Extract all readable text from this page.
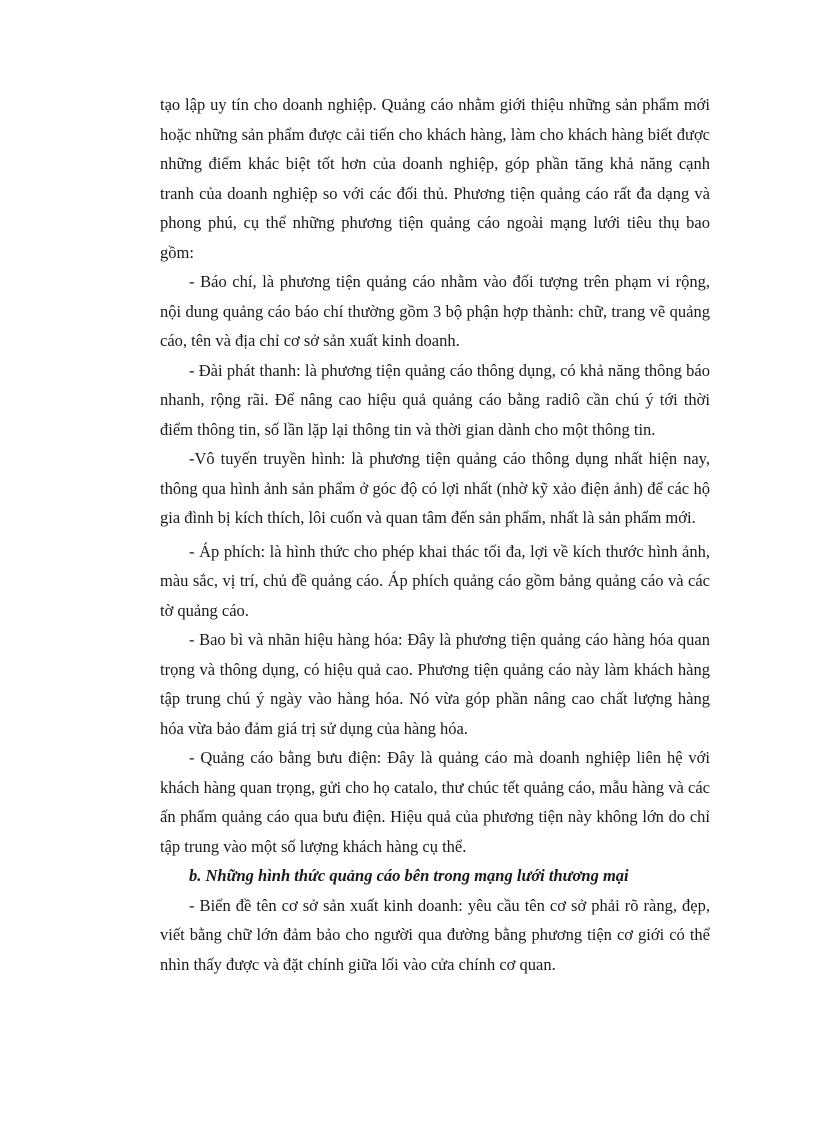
tạo lập uy tín cho doanh nghiệp. Quảng cáo nhằm giới thiệu những sản phẩm mới hoặc những sản phẩm được cải tiến cho khách hàng, làm cho khách hàng biết được những điểm khác biệt tốt hơn của doanh nghiệp, góp phần tăng khả năng cạnh tranh của doanh nghiệp so với các đối thủ. Phương tiện quảng cáo rất đa dạng và phong phú, cụ thể những phương tiện quảng cáo ngoài mạng lưới tiêu thụ bao gồm:

- Báo chí, là phương tiện quảng cáo nhằm vào đối tượng trên phạm vi rộng, nội dung quảng cáo báo chí thường gồm 3 bộ phận hợp thành: chữ, trang vẽ quảng cáo, tên và địa chỉ cơ sở sản xuất kinh doanh.

- Đài phát thanh: là phương tiện quảng cáo thông dụng, có khả năng thông báo nhanh, rộng rãi. Để nâng cao hiệu quả quảng cáo bằng radiô cần chú ý tới thời điểm thông tin, số lần lặp lại thông tin và thời gian dành cho một thông tin.

-Vô tuyến truyền hình: là phương tiện quảng cáo thông dụng nhất hiện nay, thông qua hình ảnh sản phẩm ở góc độ có lợi nhất (nhờ kỹ xảo điện ảnh) để các hộ gia đình bị kích thích, lôi cuốn và quan tâm đến sản phẩm, nhất là sản phẩm mới.

- Áp phích: là hình thức cho phép khai thác tối đa, lợi về kích thước hình ảnh, màu sắc, vị trí, chủ đề quảng cáo. Áp phích quảng cáo gồm bảng quảng cáo và các tờ quảng cáo.

- Bao bì và nhãn hiệu hàng hóa: Đây là phương tiện quảng cáo hàng hóa quan trọng và thông dụng, có hiệu quả cao. Phương tiện quảng cáo này làm khách hàng tập trung chú ý ngày vào hàng hóa. Nó vừa góp phần nâng cao chất lượng hàng hóa vừa bảo đảm giá trị sử dụng của hàng hóa.

- Quảng cáo bằng bưu điện: Đây là quảng cáo mà doanh nghiệp liên hệ với khách hàng quan trọng, gửi cho họ catalo, thư chúc tết quảng cáo, mẫu hàng và các ấn phẩm quảng cáo qua bưu điện. Hiệu quả của phương tiện này không lớn do chỉ tập trung vào một số lượng khách hàng cụ thể.

b. Những hình thức quảng cáo bên trong mạng lưới thương mại

- Biển đề tên cơ sở sản xuất kinh doanh: yêu cầu tên cơ sở phải rõ ràng, đẹp, viết bằng chữ lớn đảm bảo cho người qua đường bằng phương tiện cơ giới có thể nhìn thấy được và đặt chính giữa lối vào cửa chính cơ quan.
